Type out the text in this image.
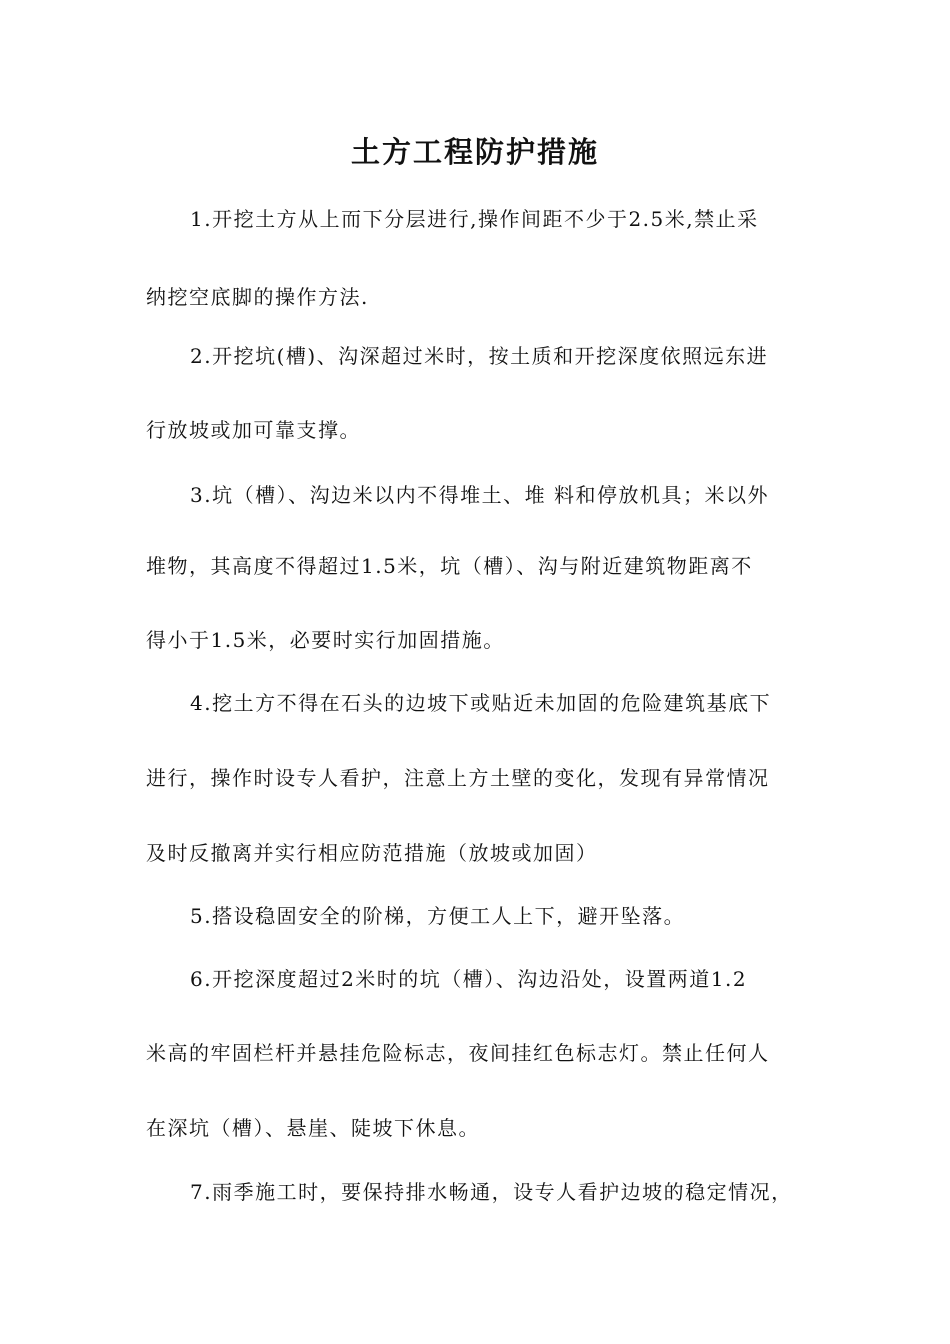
土方工程防护措施
1.开挖土方从上而下分层进行,操作间距不少于2.5米,禁止采
纳挖空底脚的操作方法.
2.开挖坑(槽)、沟深超过米时，按土质和开挖深度依照远东进
行放坡或加可靠支撑。
3.坑（槽）、沟边米以内不得堆土、堆 料和停放机具；米以外
堆物，其高度不得超过1.5米，坑（槽）、沟与附近建筑物距离不
得小于1.5米，必要时实行加固措施。
4.挖土方不得在石头的边坡下或贴近未加固的危险建筑基底下
进行，操作时设专人看护，注意上方土壁的变化，发现有异常情况
及时反撤离并实行相应防范措施（放坡或加固）
5.搭设稳固安全的阶梯，方便工人上下，避开坠落。
6.开挖深度超过2米时的坑（槽）、沟边沿处，设置两道1.2
米高的牢固栏杆并悬挂危险标志，夜间挂红色标志灯。禁止任何人
在深坑（槽）、悬崖、陡坡下休息。
7.雨季施工时，要保持排水畅通，设专人看护边坡的稳定情况，
